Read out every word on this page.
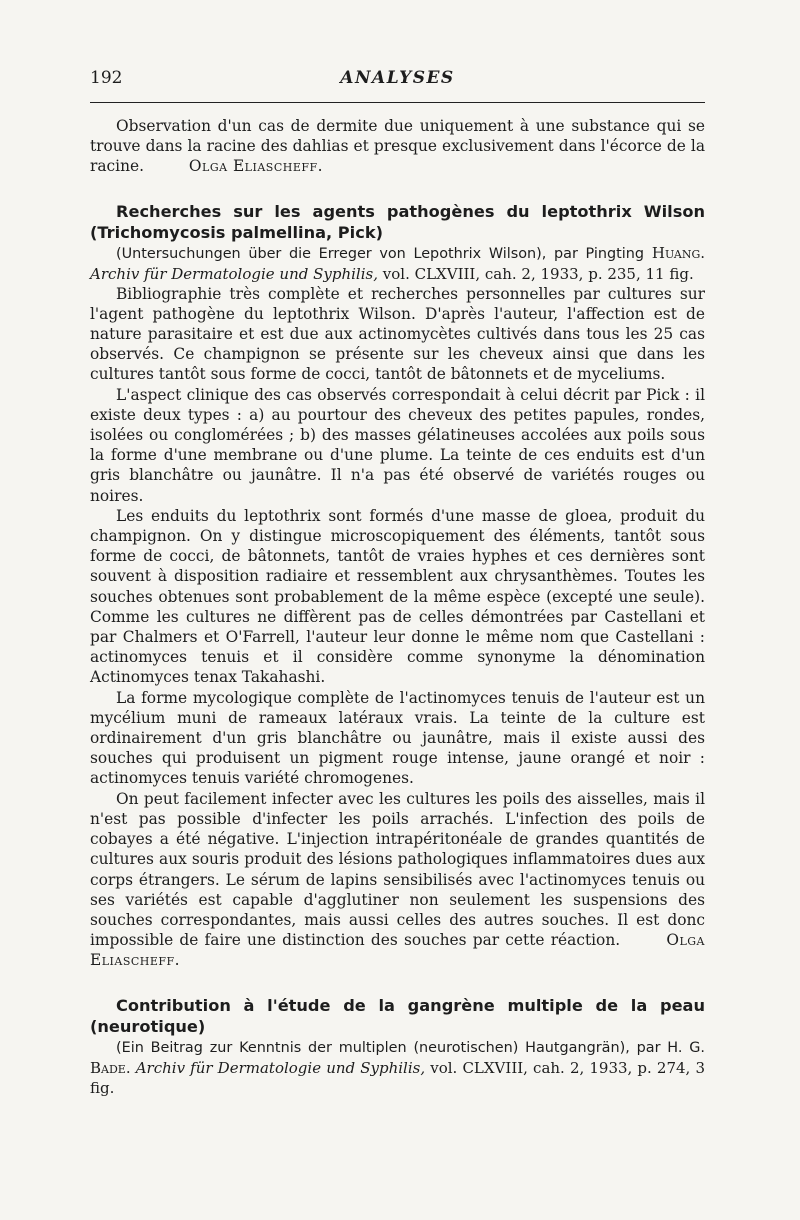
192	ANALYSES

Observation d'un cas de dermite due uniquement à une substance qui se trouve dans la racine des dahlias et presque exclusivement dans l'écorce de la racine.	Olga Eliascheff.

Recherches sur les agents pathogènes du leptothrix Wilson (Trichomycosis palmellina, Pick)

(Untersuchungen über die Erreger von Lepothrix Wilson), par Pingting Huang. Archiv für Dermatologie und Syphilis, vol. CLXVIII, cah. 2, 1933, p. 235, 11 fig.

Bibliographie très complète et recherches personnelles par cultures sur l'agent pathogène du leptothrix Wilson. D'après l'auteur, l'affection est de nature parasitaire et est due aux actinomycètes cultivés dans tous les 25 cas observés. Ce champignon se présente sur les cheveux ainsi que dans les cultures tantôt sous forme de cocci, tantôt de bâtonnets et de myceliums.

L'aspect clinique des cas observés correspondait à celui décrit par Pick : il existe deux types : a) au pourtour des cheveux des petites papules, rondes, isolées ou conglomérées ; b) des masses gélatineuses accolées aux poils sous la forme d'une membrane ou d'une plume. La teinte de ces enduits est d'un gris blanchâtre ou jaunâtre. Il n'a pas été observé de variétés rouges ou noires.

Les enduits du leptothrix sont formés d'une masse de gloea, produit du champignon. On y distingue microscopiquement des éléments, tantôt sous forme de cocci, de bâtonnets, tantôt de vraies hyphes et ces dernières sont souvent à disposition radiaire et ressemblent aux chrysanthèmes. Toutes les souches obtenues sont probablement de la même espèce (excepté une seule). Comme les cultures ne diffèrent pas de celles démontrées par Castellani et par Chalmers et O'Farrell, l'auteur leur donne le même nom que Castellani : actinomyces tenuis et il considère comme synonyme la dénomination Actinomyces tenax Takahashi.

La forme mycologique complète de l'actinomyces tenuis de l'auteur est un mycélium muni de rameaux latéraux vrais. La teinte de la culture est ordinairement d'un gris blanchâtre ou jaunâtre, mais il existe aussi des souches qui produisent un pigment rouge intense, jaune orangé et noir : actinomyces tenuis variété chromogenes.

On peut facilement infecter avec les cultures les poils des aisselles, mais il n'est pas possible d'infecter les poils arrachés. L'infection des poils de cobayes a été négative. L'injection intrapéritonéale de grandes quantités de cultures aux souris produit des lésions pathologiques inflammatoires dues aux corps étrangers. Le sérum de lapins sensibilisés avec l'actinomyces tenuis ou ses variétés est capable d'agglutiner non seulement les suspensions des souches correspondantes, mais aussi celles des autres souches. Il est donc impossible de faire une distinction des souches par cette réaction.	Olga Eliascheff.

Contribution à l'étude de la gangrène multiple de la peau (neurotique)

(Ein Beitrag zur Kenntnis der multiplen (neurotischen) Hautgangrän), par H. G. Bade. Archiv für Dermatologie und Syphilis, vol. CLXVIII, cah. 2, 1933, p. 274, 3 fig.
